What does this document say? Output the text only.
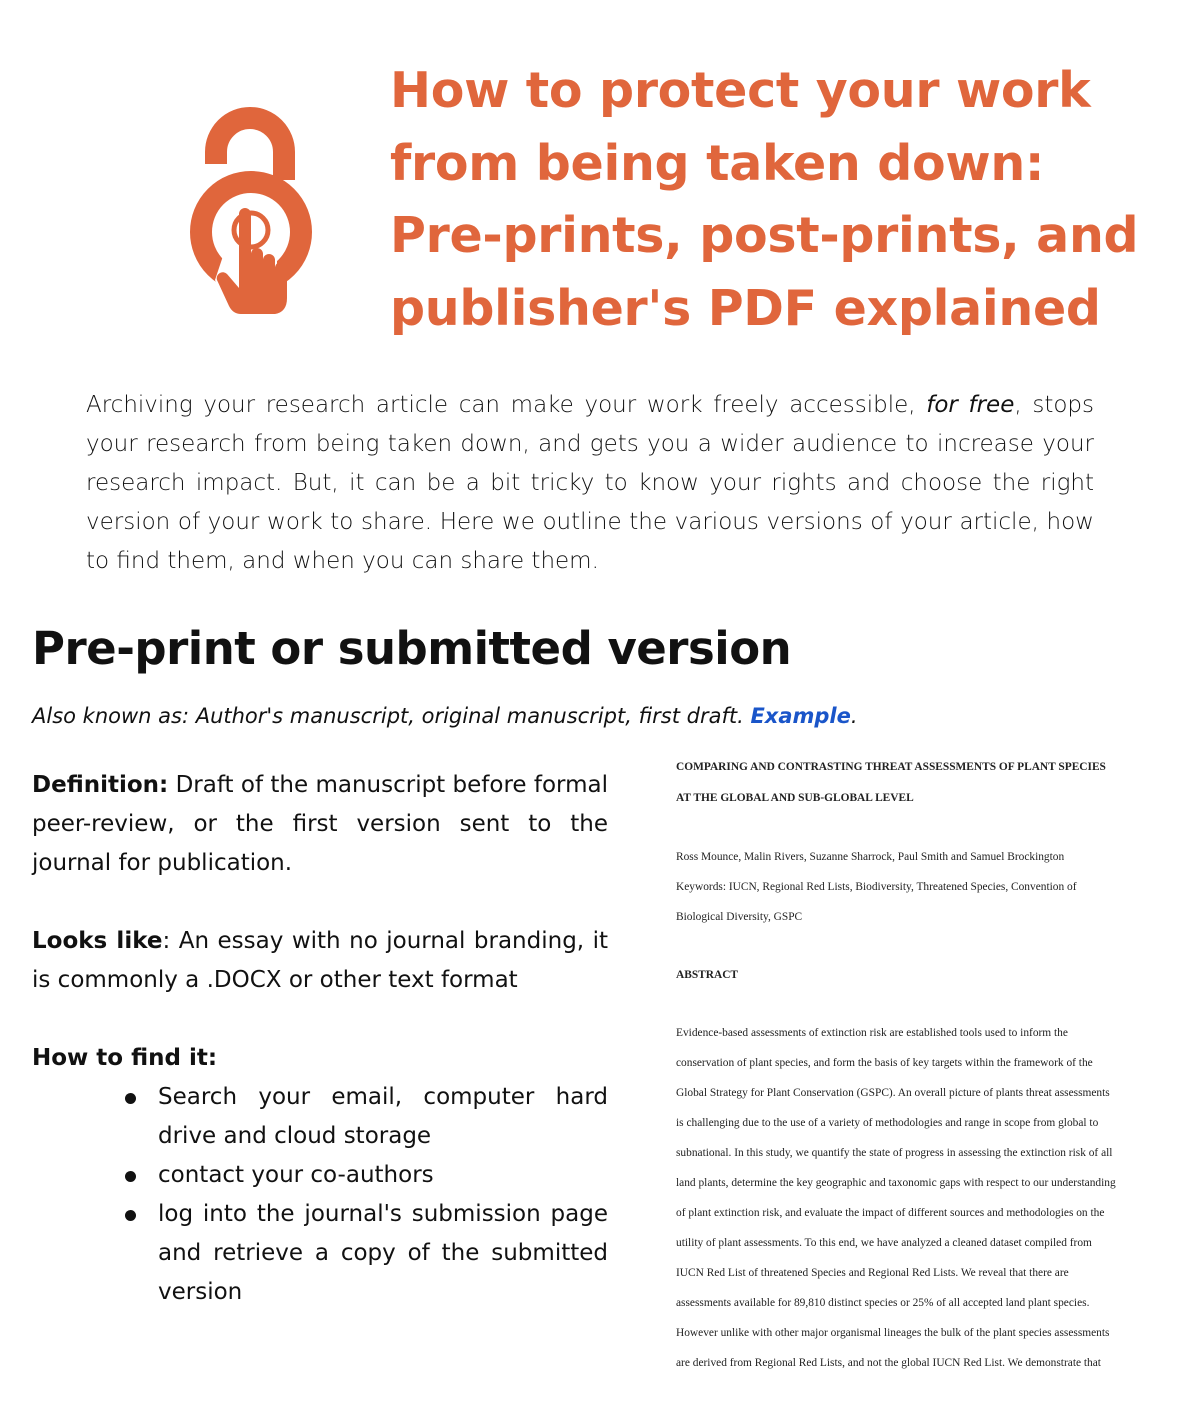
How to protect your work
from being taken down:
Pre-prints, post-prints, and
publisher's PDF explained

Archiving your research article can make your work freely accessible, for free, stops your research from being taken down, and gets you a wider audience to increase your research impact. But, it can be a bit tricky to know your rights and choose the right version of your work to share. Here we outline the various versions of your article, how to find them, and when you can share them.

Pre-print or submitted version

Also known as: Author's manuscript, original manuscript, first draft. Example.

Definition: Draft of the manuscript before formal peer-review, or the first version sent to the journal for publication.

Looks like: An essay with no journal branding, it is commonly a .DOCX or other text format

How to find it:

Search your email, computer hard drive and cloud storage
contact your co-authors
log into the journal's submission page and retrieve a copy of the submitted version
COMPARING AND CONTRASTING THREAT ASSESSMENTS OF PLANT SPECIES
AT THE GLOBAL AND SUB-GLOBAL LEVEL
Ross Mounce, Malin Rivers, Suzanne Sharrock, Paul Smith and Samuel Brockington
Keywords: IUCN, Regional Red Lists, Biodiversity, Threatened Species, Convention of
Biological Diversity, GSPC
ABSTRACT
Evidence-based assessments of extinction risk are established tools used to inform the
conservation of plant species, and form the basis of key targets within the framework of the
Global Strategy for Plant Conservation (GSPC). An overall picture of plants threat assessments
is challenging due to the use of a variety of methodologies and range in scope from global to
subnational. In this study, we quantify the state of progress in assessing the extinction risk of all
land plants, determine the key geographic and taxonomic gaps with respect to our understanding
of plant extinction risk, and evaluate the impact of different sources and methodologies on the
utility of plant assessments. To this end, we have analyzed a cleaned dataset compiled from
IUCN Red List of threatened Species and Regional Red Lists. We reveal that there are
assessments available for 89,810 distinct species or 25% of all accepted land plant species.
However unlike with other major organismal lineages the bulk of the plant species assessments
are derived from Regional Red Lists, and not the global IUCN Red List. We demonstrate that
